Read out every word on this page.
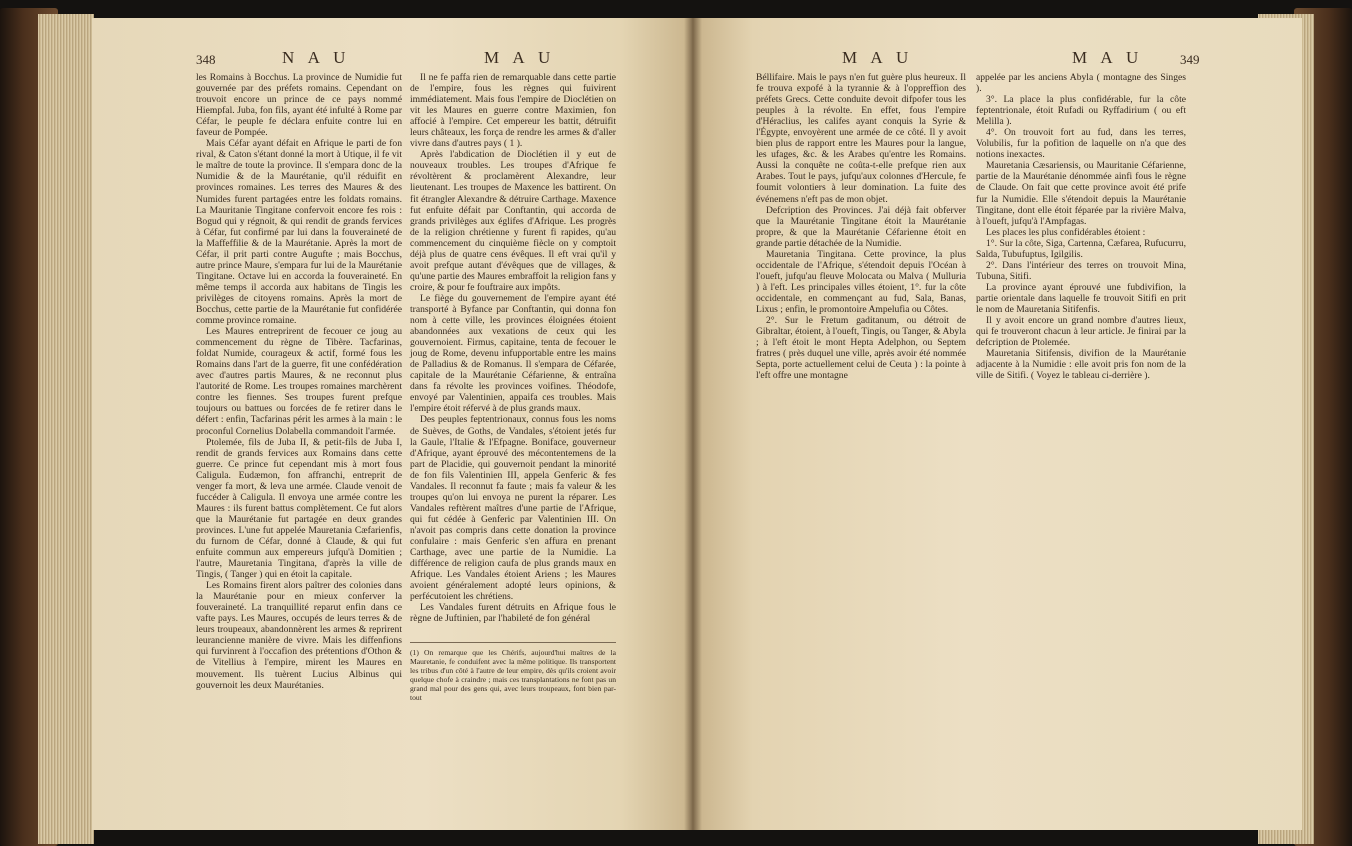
348	N A U	M A U

les Romains à Bocchus. La province de Numidie fut gouvernée par des préfets romains. Cependant on trouvoit encore un prince de ce pays nommé Hiempfal. Juba, fon fils, ayant été infulté à Rome par Céfar, le peuple fe déclara enfuite contre lui en faveur de Pompée.

Mais Céfar ayant défait en Afrique le parti de fon rival, & Caton s'étant donné la mort à Utique, il fe vit le maître de toute la province. Il s'empara donc de la Numidie & de la Maurétanie, qu'il réduifit en provinces romaines. Les terres des Maures & des Numides furent partagées entre les foldats romains. La Mauritanie Tingitane confervoit encore fes rois : Bogud qui y régnoit, & qui rendit de grands fervices à Céfar, fut confirmé par lui dans la fouveraineté de la Maffeffilie & de la Maurétanie. Après la mort de Céfar, il prit parti contre Augufte ; mais Bocchus, autre prince Maure, s'empara fur lui de la Maurétanie Tingitane. Octave lui en accorda la fouveraineté. En même temps il accorda aux habitans de Tingis les privilèges de citoyens romains. Après la mort de Bocchus, cette partie de la Maurétanie fut confidérée comme province romaine.

Les Maures entreprirent de fecouer ce joug au commencement du règne de Tibère. Tacfarinas, foldat Numide, courageux & actif, formé fous les Romains dans l'art de la guerre, fit une confédération avec d'autres partis Maures, & ne reconnut plus l'autorité de Rome. Les troupes romaines marchèrent contre les fiennes. Ses troupes furent prefque toujours ou battues ou forcées de fe retirer dans le défert : enfin, Tacfarinas périt les armes à la main : le proconful Cornelius Dolabella commandoit l'armée.

Ptolemée, fils de Juba II, & petit-fils de Juba I, rendit de grands fervices aux Romains dans cette guerre. Ce prince fut cependant mis à mort fous Caligula. Eudæmon, fon affranchi, entreprit de venger fa mort, & leva une armée. Claude venoit de fuccéder à Caligula. Il envoya une armée contre les Maures : ils furent battus complètement. Ce fut alors que la Maurétanie fut partagée en deux grandes provinces. L'une fut appelée Mauretania Cæfarienfis, du furnom de Céfar, donné à Claude, & qui fut enfuite commun aux empereurs jufqu'à Domitien ; l'autre, Mauretania Tingitana, d'après la ville de Tingis, ( Tanger ) qui en étoit la capitale.

Les Romains firent alors paîtrer des colonies dans la Maurétanie pour en mieux conferver la fouveraineté. La tranquillité reparut enfin dans ce vafte pays. Les Maures, occupés de leurs terres & de leurs troupeaux, abandonnèrent les armes & reprirent leurancienne manière de vivre. Mais les diffenfions qui furvinrent à l'occafion des prétentions d'Othon & de Vitellius à l'empire, mirent les Maures en mouvement. Ils tuèrent Lucius Albinus qui gouvernoit les deux Maurétanies.

Il ne fe paffa rien de remarquable dans cette partie de l'empire, fous les règnes qui fuivirent immédiatement. Mais fous l'empire de Dioclétien on vit les Maures en guerre contre Maximien, fon affocié à l'empire. Cet empereur les battit, détruifit leurs châteaux, les força de rendre les armes & d'aller vivre dans d'autres pays ( 1 ).

Après l'abdication de Dioclétien il y eut de nouveaux troubles. Les troupes d'Afrique fe révoltèrent & proclamèrent Alexandre, leur lieutenant. Les troupes de Maxence les battirent. On fit étrangler Alexandre & détruire Carthage. Maxence fut enfuite défait par Conftantin, qui accorda de grands privilèges aux églifes d'Afrique. Les progrès de la religion chrétienne y furent fi rapides, qu'au commencement du cinquième fiècle on y comptoit déjà plus de quatre cens évêques. Il eft vrai qu'il y avoit prefque autant d'évêques que de villages, & qu'une partie des Maures embraffoit la religion fans y croire, & pour fe fouftraire aux impôts.

Le fiège du gouvernement de l'empire ayant été transporté à Byfance par Conftantin, qui donna fon nom à cette ville, les provinces éloignées étoient abandonnées aux vexations de ceux qui les gouvernoient. Firmus, capitaine, tenta de fecouer le joug de Rome, devenu infupportable entre les mains de Palladius & de Romanus. Il s'empara de Céfarée, capitale de la Maurétanie Céfarienne, & entraîna dans fa révolte les provinces voifines. Théodofe, envoyé par Valentinien, appaifa ces troubles. Mais l'empire étoit réfervé à de plus grands maux.

Des peuples feptentrionaux, connus fous les noms de Suèves, de Goths, de Vandales, s'étoient jetés fur la Gaule, l'Italie & l'Efpagne. Boniface, gouverneur d'Afrique, ayant éprouvé des mécontentemens de la part de Placidie, qui gouvernoit pendant la minorité de fon fils Valentinien III, appela Genferic & fes Vandales. Il reconnut fa faute ; mais fa valeur & les troupes qu'on lui envoya ne purent la réparer. Les Vandales reftèrent maîtres d'une partie de l'Afrique, qui fut cédée à Genferic par Valentinien III. On n'avoit pas compris dans cette donation la province confulaire : mais Genferic s'en affura en prenant Carthage, avec une partie de la Numidie. La différence de religion caufa de plus grands maux en Afrique. Les Vandales étoient Ariens ; les Maures avoient généralement adopté leurs opinions, & perfécutoient les chrétiens.

Les Vandales furent détruits en Afrique fous le règne de Juftinien, par l'habileté de fon général

(1) On remarque que les Chérifs, aujourd'hui maîtres de la Mauretanie, fe conduifent avec la même politique. Ils transportent les tribus d'un côté à l'autre de leur empire, dès qu'ils croient avoir quelque chofe à craindre ; mais ces transplantations ne font pas un grand mal pour des gens qui, avec leurs troupeaux, font bien par-tout
M A U	M A U	349

Béllifaire. Mais le pays n'en fut guère plus heureux. Il fe trouva expofé à la tyrannie & à l'oppreffion des préfets Grecs. Cette conduite devoit difpofer tous les peuples à la révolte. En effet, fous l'empire d'Héraclius, les califes ayant conquis la Syrie & l'Égypte, envoyèrent une armée de ce côté. Il y avoit bien plus de rapport entre les Maures pour la langue, les ufages, &c. & les Arabes qu'entre les Romains. Aussi la conquête ne coûta-t-elle prefque rien aux Arabes. Tout le pays, jufqu'aux colonnes d'Hercule, fe foumit volontiers à leur domination. La fuite des événemens n'eft pas de mon objet.

Defcription des Provinces. J'ai déjà fait obferver que la Maurétanie Tingitane étoit la Maurétanie propre, & que la Maurétanie Céfarienne étoit en grande partie détachée de la Numidie.

Mauretania Tingitana. Cette province, la plus occidentale de l'Afrique, s'étendoit depuis l'Océan à l'oueft, jufqu'au fleuve Molocata ou Malva ( Mulluria ) à l'eft. Les principales villes étoient, 1°. fur la côte occidentale, en commençant au fud, Sala, Banas, Lixus ; enfin, le promontoire Ampelufia ou Côtes.

2°. Sur le Fretum gaditanum, ou détroit de Gibraltar, étoient, à l'oueft, Tingis, ou Tanger, & Abyla ; à l'eft étoit le mont Hepta Adelphon, ou Septem fratres ( près duquel une ville, après avoir été nommée Septa, porte actuellement celui de Ceuta ) : la pointe à l'eft offre une montagne

appelée par les anciens Abyla ( montagne des Singes ).

3°. La place la plus confidérable, fur la côte feptentrionale, étoit Rufadi ou Ryffadirium ( ou eft Melilla ).

4°. On trouvoit fort au fud, dans les terres, Volubilis, fur la pofition de laquelle on n'a que des notions inexactes.

Mauretania Cæsariensis, ou Mauritanie Céfarienne, partie de la Maurétanie dénommée ainfi fous le règne de Claude. On fait que cette province avoit été prife fur la Numidie. Elle s'étendoit depuis la Maurétanie Tingitane, dont elle étoit féparée par la rivière Malva, à l'oueft, jufqu'à l'Ampfagas.

Les places les plus confidérables étoient :

1°. Sur la côte, Siga, Cartenna, Cæfarea, Rufucurru, Salda, Tubufuptus, Igilgilis.

2°. Dans l'intérieur des terres on trouvoit Mina, Tubuna, Sitifi.

La province ayant éprouvé une fubdivifion, la partie orientale dans laquelle fe trouvoit Sitifi en prit le nom de Mauretania Sitifenfis.

Il y avoit encore un grand nombre d'autres lieux, qui fe trouveront chacun à leur article. Je finirai par la defcription de Ptolemée.

Mauretania Sitifensis, divifion de la Maurétanie adjacente à la Numidie : elle avoit pris fon nom de la ville de Sitifi. ( Voyez le tableau ci-derrière ).
